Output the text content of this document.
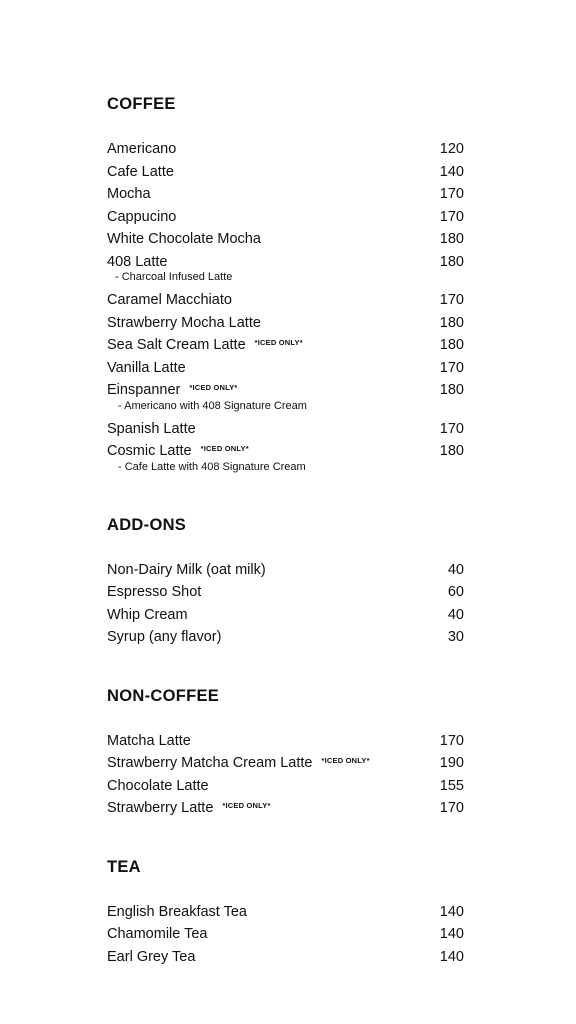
COFFEE
Americano	120
Cafe Latte	140
Mocha	170
Cappucino	170
White Chocolate Mocha	180
408 Latte	180
- Charcoal Infused Latte
Caramel Macchiato	170
Strawberry Mocha Latte	180
Sea Salt Cream Latte $^{*ICED ONLY*}$	180
Vanilla Latte	170
Einspanner $^{*ICED ONLY*}$	180
- Americano with 408 Signature Cream
Spanish Latte	170
Cosmic Latte $^{*ICED ONLY*}$	180
- Cafe Latte with 408 Signature Cream
ADD-ONS
Non-Dairy Milk (oat milk)	40
Espresso Shot	60
Whip Cream	40
Syrup (any flavor)	30
NON-COFFEE
Matcha Latte	170
Strawberry Matcha Cream Latte $^{*ICED ONLY*}$	190
Chocolate Latte	155
Strawberry Latte $^{*ICED ONLY*}$	170
TEA
English Breakfast Tea	140
Chamomile Tea	140
Earl Grey Tea	140
